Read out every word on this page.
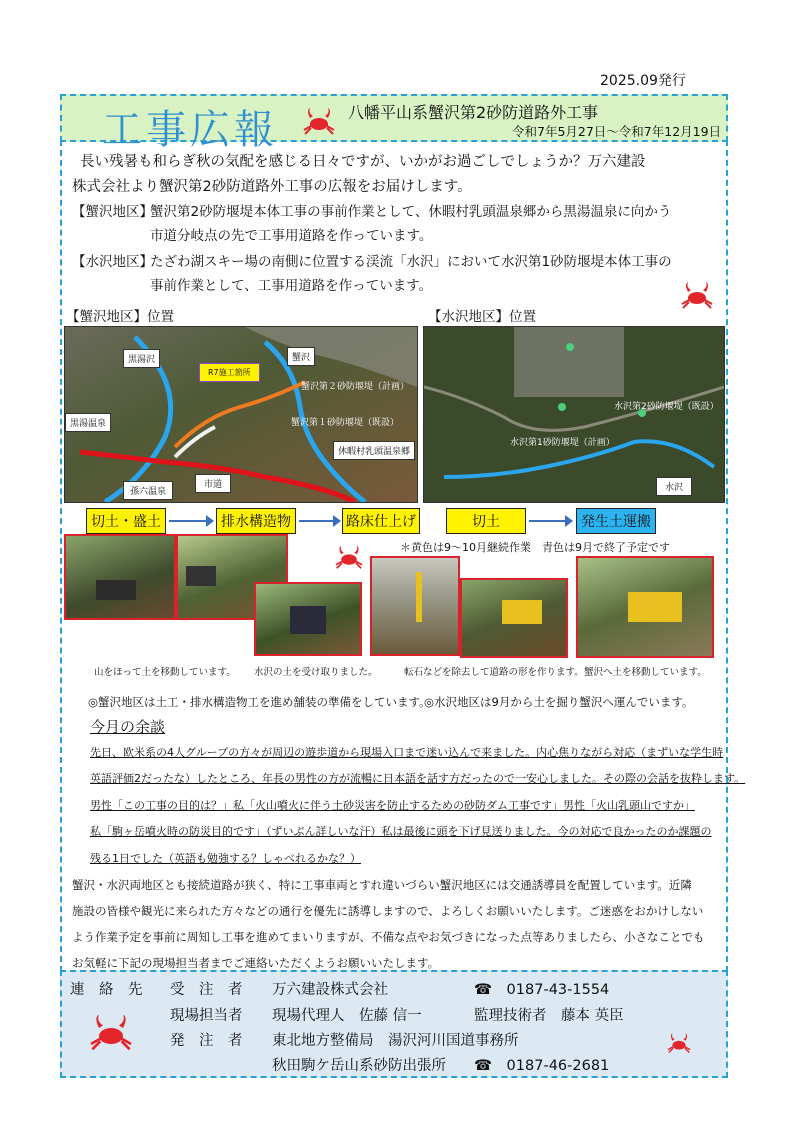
2025.09発行
工事広報	八幡平山系蟹沢第2砂防道路外工事
令和7年5月27日～令和7年12月19日

長い残暑も和らぎ秋の気配を感じる日々ですが、いかがお過ごしでしょうか？万六建設

株式会社より蟹沢第2砂防道路外工事の広報をお届けします。

【蟹沢地区】
蟹沢第2砂防堰堤本体工事の事前作業として、休暇村乳頭温泉郷から黒湯温泉に向かう
市道分岐点の先で工事用道路を作っています。
【水沢地区】
たざわ湖スキー場の南側に位置する渓流「水沢」において水沢第1砂防堰堤本体工事の
事前作業として、工事用道路を作っています。
【蟹沢地区】位置	【水沢地区】位置
黒湯沢	蟹沢
R7施工箇所
蟹沢第２砂防堰堤（計画）
蟹沢第１砂防堰堤（既設）
黒湯温泉
休暇村乳頭温泉郷
孫六温泉
市道
水沢第2砂防堰堤（既設）
水沢第1砂防堰堤（計画）
水沢
切土・盛土	排水構造物	路床仕上げ	切土	発生土運搬
＊黄色は9～10月継続作業　青色は9月で終了予定です
山をほって土を移動しています。 水沢の土を受け取りました。	転石などを除去して道路の形を作ります。 蟹沢へ土を移動しています。
◎蟹沢地区は土工・排水構造物工を進め舗装の準備をしています。
◎水沢地区は9月から土を掘り蟹沢へ運んでいます。
今月の余談
先日、欧米系の4人グループの方々が周辺の遊歩道から現場入口まで迷い込んで来ました。内心焦りながら対応（まずいな学生時
英語評価2だったな）したところ、年長の男性の方が流暢に日本語を話す方だったので一安心しました。その際の会話を抜粋します。
男性「この工事の目的は？」私「火山噴火に伴う土砂災害を防止するための砂防ダム工事です」男性「火山乳頭山ですか」
私「駒ヶ岳噴火時の防災目的です」（ずいぶん詳しいな汗）私は最後に頭を下げ見送りました。今の対応で良かったのか課題の
残る1日でした（英語も勉強する？しゃべれるかな？）
蟹沢・水沢両地区とも接続道路が狭く、特に工事車両とすれ違いづらい蟹沢地区には交通誘導員を配置しています。近隣
施設の皆様や観光に来られた方々などの通行を優先に誘導しますので、よろしくお願いいたします。ご迷惑をおかけしない
よう作業予定を事前に周知し工事を進めてまいりますが、不備な点やお気づきになった点等ありましたら、小さなことでも
お気軽に下記の現場担当者までご連絡いただくようお願いいたします。
連　絡　先 受　注　者 万六建設株式会社	☎　0187-43-1554
現場担当者 現場代理人　佐藤 信一	監理技術者　藤本 英臣
発　注　者 東北地方整備局　湯沢河川国道事務所
秋田駒ケ岳山系砂防出張所 ☎　0187-46-2681
